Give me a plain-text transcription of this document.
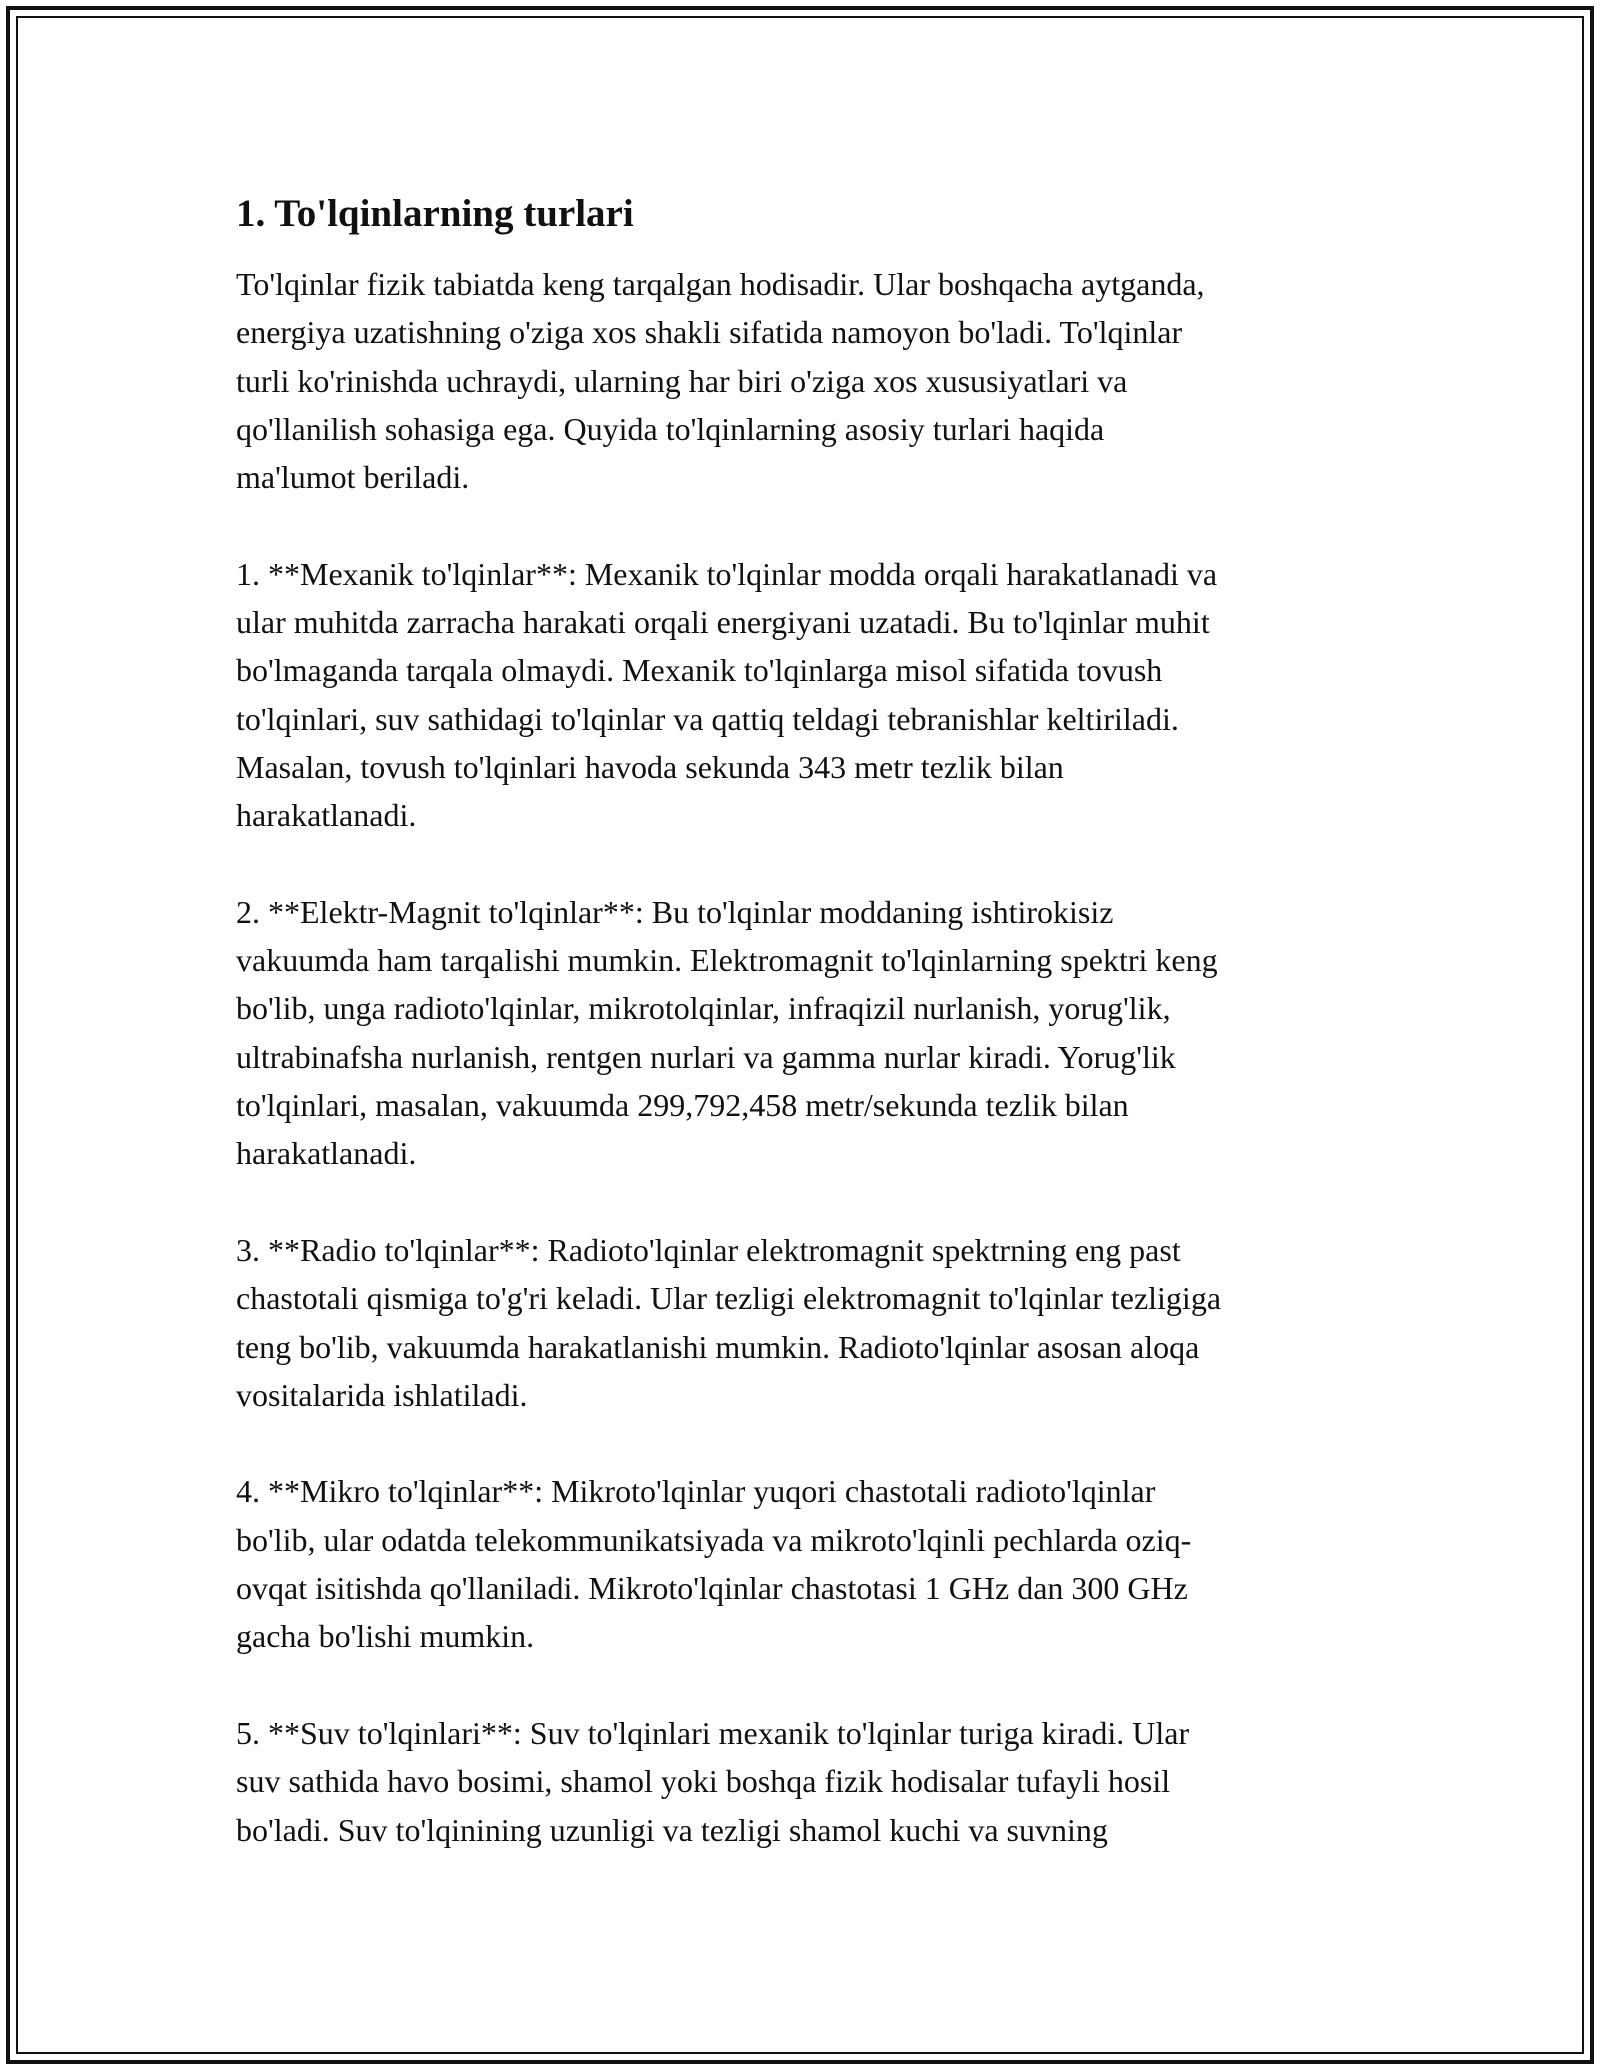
1. To'lqinlarning turlari

To'lqinlar fizik tabiatda keng tarqalgan hodisadir. Ular boshqacha aytganda,
energiya uzatishning o'ziga xos shakli sifatida namoyon bo'ladi. To'lqinlar
turli ko'rinishda uchraydi, ularning har biri o'ziga xos xususiyatlari va
qo'llanilish sohasiga ega. Quyida to'lqinlarning asosiy turlari haqida
ma'lumot beriladi.

1. **Mexanik to'lqinlar**: Mexanik to'lqinlar modda orqali harakatlanadi va
ular muhitda zarracha harakati orqali energiyani uzatadi. Bu to'lqinlar muhit
bo'lmaganda tarqala olmaydi. Mexanik to'lqinlarga misol sifatida tovush
to'lqinlari, suv sathidagi to'lqinlar va qattiq teldagi tebranishlar keltiriladi.
Masalan, tovush to'lqinlari havoda sekunda 343 metr tezlik bilan
harakatlanadi.

2. **Elektr-Magnit to'lqinlar**: Bu to'lqinlar moddaning ishtirokisiz
vakuumda ham tarqalishi mumkin. Elektromagnit to'lqinlarning spektri keng
bo'lib, unga radioto'lqinlar, mikrotolqinlar, infraqizil nurlanish, yorug'lik,
ultrabinafsha nurlanish, rentgen nurlari va gamma nurlar kiradi. Yorug'lik
to'lqinlari, masalan, vakuumda 299,792,458 metr/sekunda tezlik bilan
harakatlanadi.

3. **Radio to'lqinlar**: Radioto'lqinlar elektromagnit spektrning eng past
chastotali qismiga to'g'ri keladi. Ular tezligi elektromagnit to'lqinlar tezligiga
teng bo'lib, vakuumda harakatlanishi mumkin. Radioto'lqinlar asosan aloqa
vositalarida ishlatiladi.

4. **Mikro to'lqinlar**: Mikroto'lqinlar yuqori chastotali radioto'lqinlar
bo'lib, ular odatda telekommunikatsiyada va mikroto'lqinli pechlarda oziq-
ovqat isitishda qo'llaniladi. Mikroto'lqinlar chastotasi 1 GHz dan 300 GHz
gacha bo'lishi mumkin.

5. **Suv to'lqinlari**: Suv to'lqinlari mexanik to'lqinlar turiga kiradi. Ular
suv sathida havo bosimi, shamol yoki boshqa fizik hodisalar tufayli hosil
bo'ladi. Suv to'lqinining uzunligi va tezligi shamol kuchi va suvning
